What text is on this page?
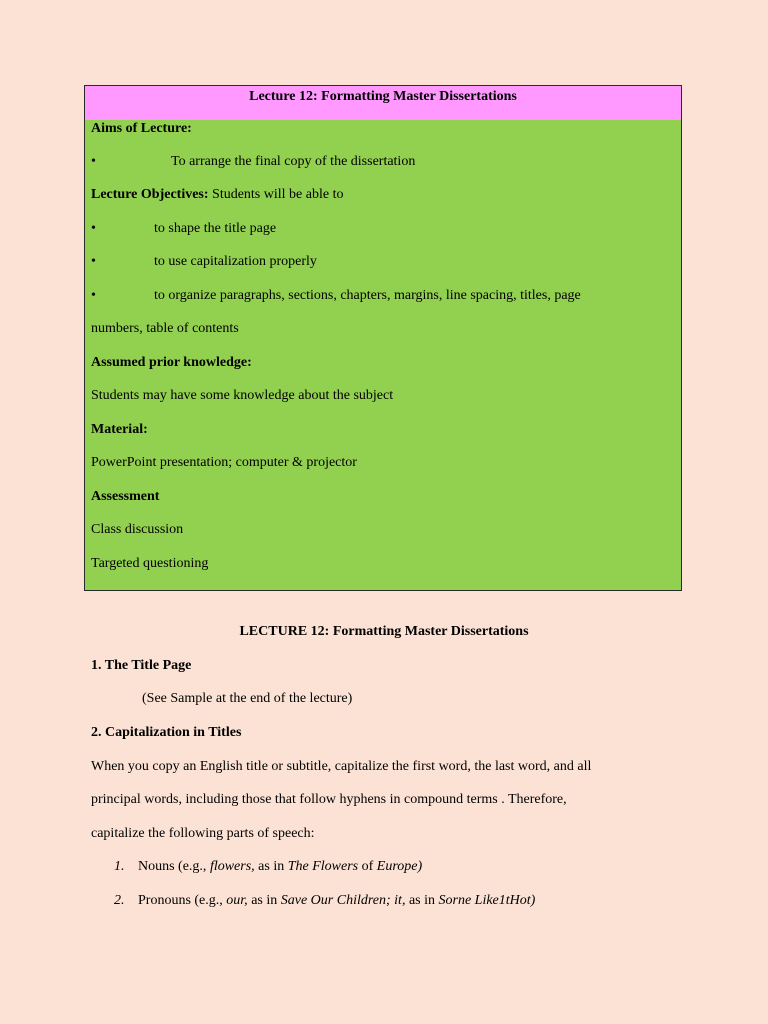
Lecture 12: Formatting Master Dissertations
Aims of Lecture:
•	To arrange the final copy of the dissertation
Lecture Objectives: Students will be able to
•	to shape the title page
•	to use capitalization properly
•	to organize paragraphs, sections, chapters, margins, line spacing, titles, page
numbers, table of contents
Assumed prior knowledge:
Students may have some knowledge about the subject
Material:
PowerPoint presentation; computer & projector
Assessment
Class discussion
Targeted questioning
LECTURE 12: Formatting Master Dissertations
1. The Title Page
(See Sample at the end of the lecture)
2. Capitalization in Titles
When you copy an English title or subtitle, capitalize the first word, the last word, and all
principal words, including those that follow hyphens in compound terms . Therefore,
capitalize the following parts of speech:
1. Nouns (e.g., flowers, as in The Flowers of Europe)
2. Pronouns (e.g., our, as in Save Our Children; it, as in Sorne Like1tHot)
